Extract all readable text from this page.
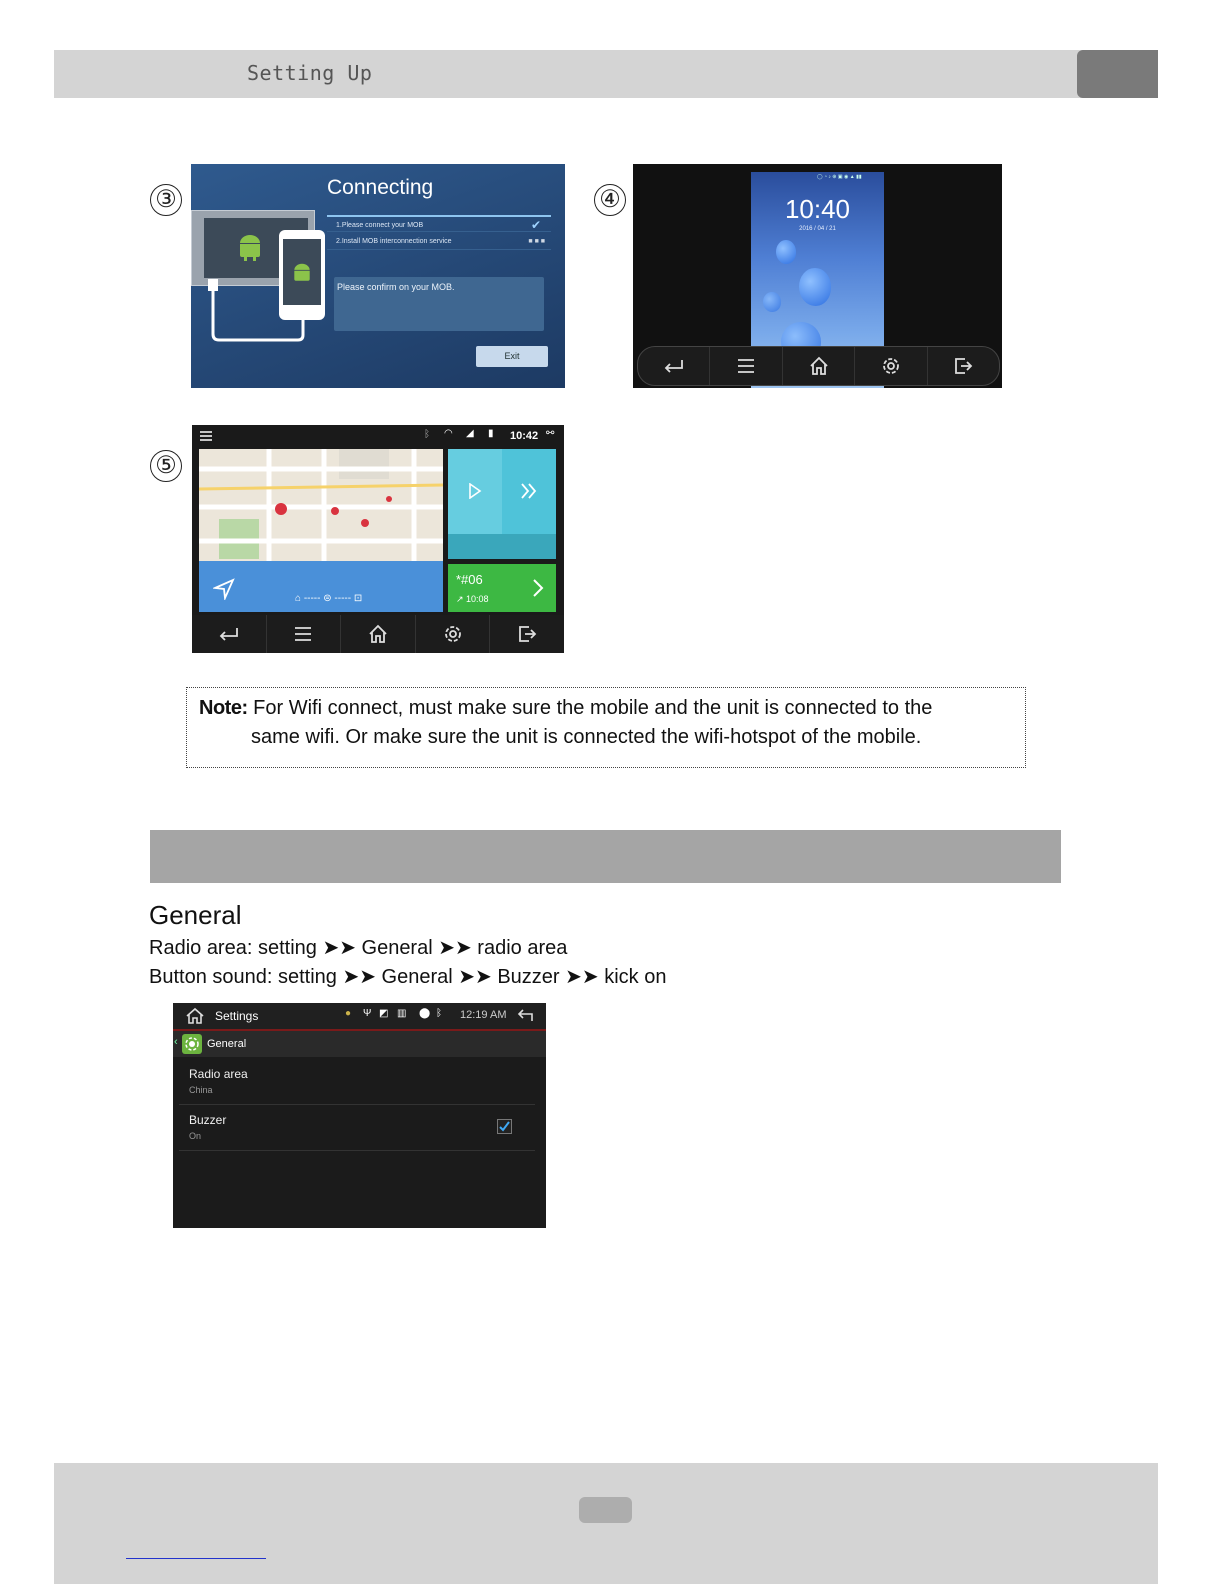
Setting Up
③	Connecting
1.Please connect your MOB	✔
2.Install MOB interconnection service	■ ■ ■
Please confirm on your MOB.
Exit
④
◯ ◔ ♪ ⊕ ▣ ◉ ▲ ▮▮
10:40
2016 / 04 / 21
⑤
ᛒ ◠ ◢ ▮ 10:42 ⚯
⌂ ----- ⊜ ----- ⊡
*#06
↗ 10:08
Note: For Wifi connect, must make sure the mobile and the unit is connected to the
same wifi. Or make sure the unit is connected the wifi-hotspot of the mobile.
General
Radio area: setting ➤➤ General ➤➤ radio area
Button sound: setting ➤➤ General ➤➤ Buzzer ➤➤ kick on
Settings	● Ψ ◩ ▥ ⬤ ᛒ 12:19 AM
‹	General
Radio area
China
Buzzer
On
